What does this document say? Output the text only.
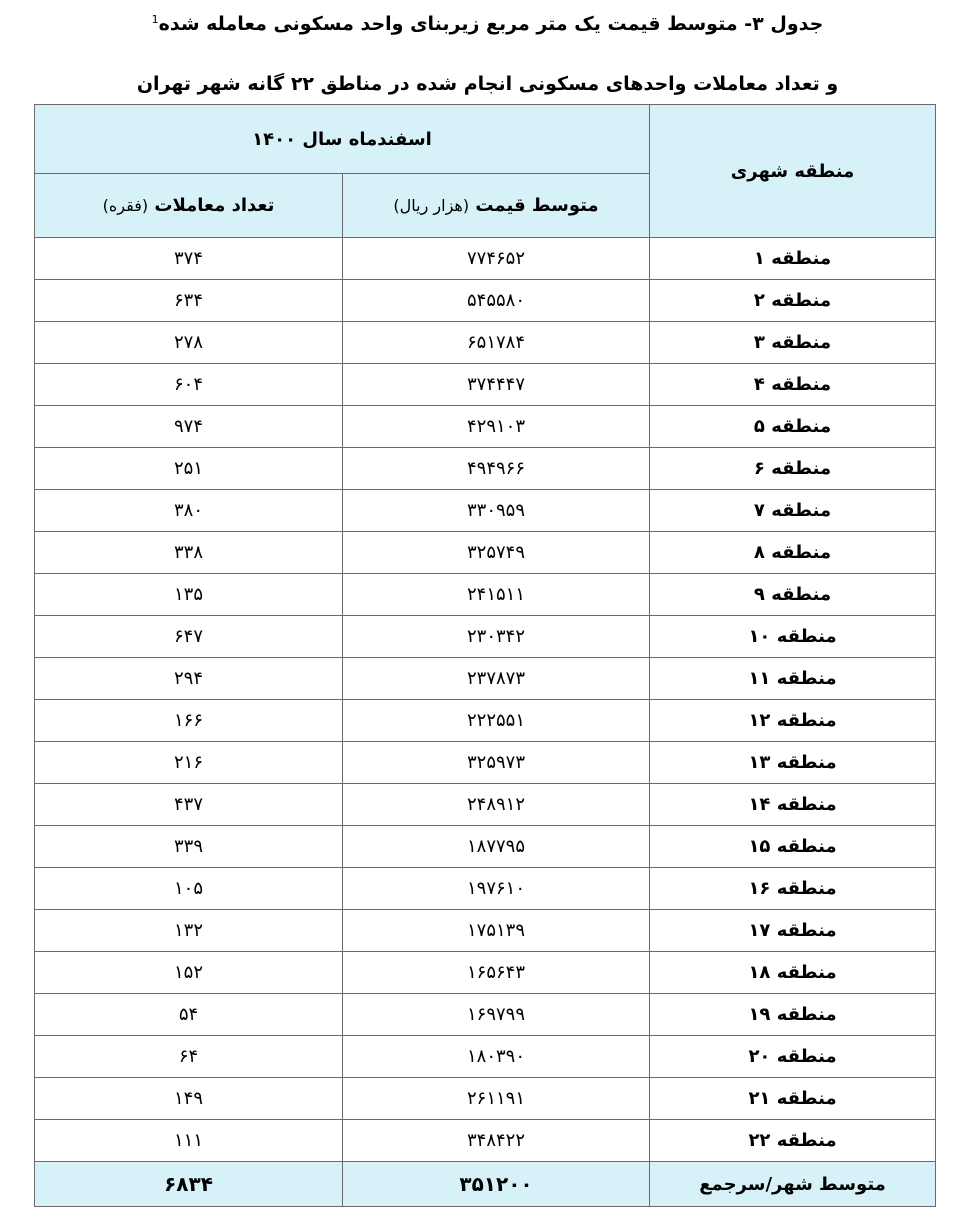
جدول ۳- متوسط قیمت یک متر مربع زیربنای واحد مسکونی معامله شده$^1$
و تعداد معاملات واحدهای مسکونی انجام شده در مناطق ۲۲ گانه شهر تهران
منطقه شهری	اسفندماه سال ۱۴۰۰	
	متوسط قیمت (هزار ریال)	تعداد معاملات (فقره)
منطقه ۱	۷۷۴۶۵۲	۳۷۴
منطقه ۲	۵۴۵۵۸۰	۶۳۴
منطقه ۳	۶۵۱۷۸۴	۲۷۸
منطقه ۴	۳۷۴۴۴۷	۶۰۴
منطقه ۵	۴۲۹۱۰۳	۹۷۴
منطقه ۶	۴۹۴۹۶۶	۲۵۱
منطقه ۷	۳۳۰۹۵۹	۳۸۰
منطقه ۸	۳۲۵۷۴۹	۳۳۸
منطقه ۹	۲۴۱۵۱۱	۱۳۵
منطقه ۱۰	۲۳۰۳۴۲	۶۴۷
منطقه ۱۱	۲۳۷۸۷۳	۲۹۴
منطقه ۱۲	۲۲۲۵۵۱	۱۶۶
منطقه ۱۳	۳۲۵۹۷۳	۲۱۶
منطقه ۱۴	۲۴۸۹۱۲	۴۳۷
منطقه ۱۵	۱۸۷۷۹۵	۳۳۹
منطقه ۱۶	۱۹۷۶۱۰	۱۰۵
منطقه ۱۷	۱۷۵۱۳۹	۱۳۲
منطقه ۱۸	۱۶۵۶۴۳	۱۵۲
منطقه ۱۹	۱۶۹۷۹۹	۵۴
منطقه ۲۰	۱۸۰۳۹۰	۶۴
منطقه ۲۱	۲۶۱۱۹۱	۱۴۹
منطقه ۲۲	۳۴۸۴۲۲	۱۱۱
متوسط شهر/سرجمع	۳۵۱۲۰۰	۶۸۳۴
